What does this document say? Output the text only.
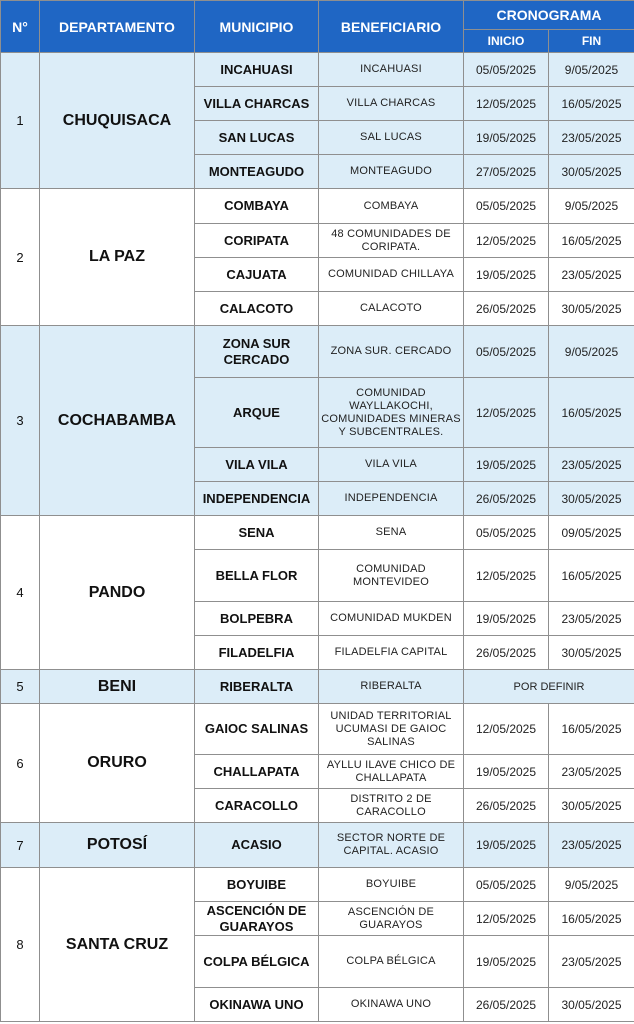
N°	DEPARTAMENTO	MUNICIPIO	BENEFICIARIO	CRONOGRAMA	
				INICIO	FIN
1	CHUQUISACA	INCAHUASI	INCAHUASI	05/05/2025	9/05/2025
		VILLA CHARCAS	VILLA CHARCAS	12/05/2025	16/05/2025
		SAN LUCAS	SAL LUCAS	19/05/2025	23/05/2025
		MONTEAGUDO	MONTEAGUDO	27/05/2025	30/05/2025
2	LA PAZ	COMBAYA	COMBAYA	05/05/2025	9/05/2025
		CORIPATA	48 COMUNIDADES DE CORIPATA.	12/05/2025	16/05/2025
		CAJUATA	COMUNIDAD CHILLAYA	19/05/2025	23/05/2025
		CALACOTO	CALACOTO	26/05/2025	30/05/2025
3	COCHABAMBA	ZONA SUR CERCADO	ZONA SUR. CERCADO	05/05/2025	9/05/2025
		ARQUE	COMUNIDAD WAYLLAKOCHI, COMUNIDADES MINERAS Y SUBCENTRALES.	12/05/2025	16/05/2025
		VILA VILA	VILA VILA	19/05/2025	23/05/2025
		INDEPENDENCIA	INDEPENDENCIA	26/05/2025	30/05/2025
4	PANDO	SENA	SENA	05/05/2025	09/05/2025
		BELLA FLOR	COMUNIDAD MONTEVIDEO	12/05/2025	16/05/2025
		BOLPEBRA	COMUNIDAD MUKDEN	19/05/2025	23/05/2025
		FILADELFIA	FILADELFIA CAPITAL	26/05/2025	30/05/2025
5	BENI	RIBERALTA	RIBERALTA	POR DEFINIR	
6	ORURO	GAIOC SALINAS	UNIDAD TERRITORIAL UCUMASI DE GAIOC SALINAS	12/05/2025	16/05/2025
		CHALLAPATA	AYLLU ILAVE CHICO DE CHALLAPATA	19/05/2025	23/05/2025
		CARACOLLO	DISTRITO 2 DE CARACOLLO	26/05/2025	30/05/2025
7	POTOSÍ	ACASIO	SECTOR NORTE DE CAPITAL. ACASIO	19/05/2025	23/05/2025
8	SANTA CRUZ	BOYUIBE	BOYUIBE	05/05/2025	9/05/2025
		ASCENCIÓN DE GUARAYOS	ASCENCIÓN DE GUARAYOS	12/05/2025	16/05/2025
		COLPA BÉLGICA	COLPA BÉLGICA	19/05/2025	23/05/2025
		OKINAWA UNO	OKINAWA UNO	26/05/2025	30/05/2025
